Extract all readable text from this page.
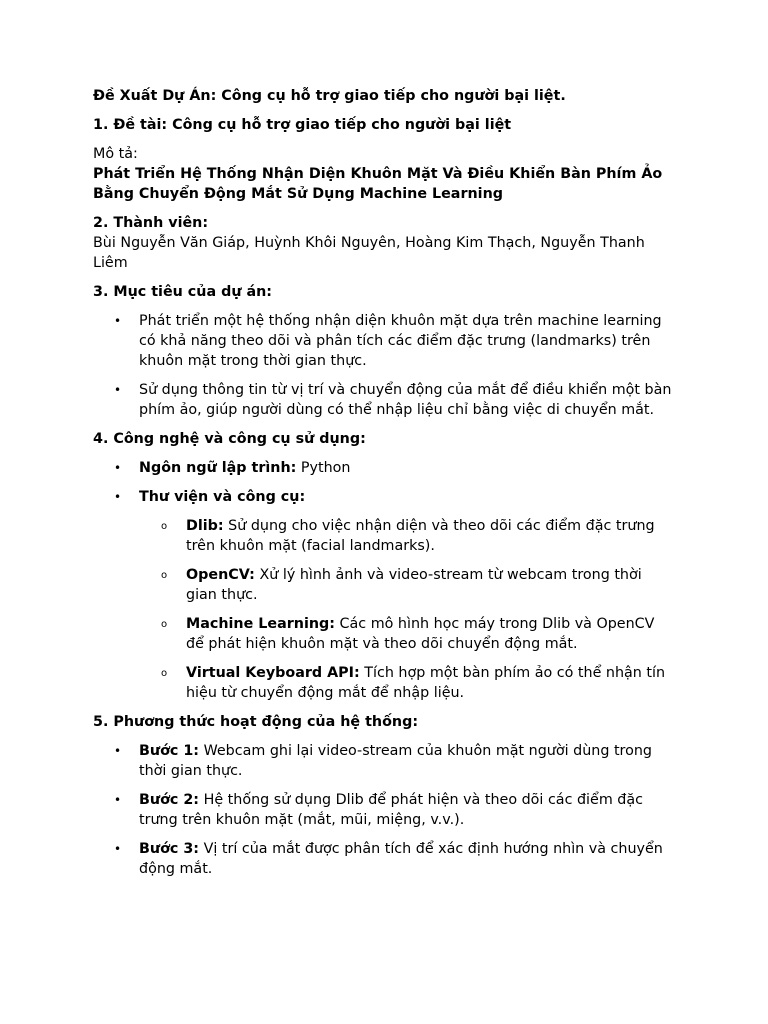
Đề Xuất Dự Án: Công cụ hỗ trợ giao tiếp cho người bại liệt.

1. Đề tài: Công cụ hỗ trợ giao tiếp cho người bại liệt

Mô tả:

Phát Triển Hệ Thống Nhận Diện Khuôn Mặt Và Điều Khiển Bàn Phím Ảo Bằng Chuyển Động Mắt Sử Dụng Machine Learning

2. Thành viên:

Bùi Nguyễn Văn Giáp, Huỳnh Khôi Nguyên, Hoàng Kim Thạch, Nguyễn Thanh Liêm

3. Mục tiêu của dự án:

• Phát triển một hệ thống nhận diện khuôn mặt dựa trên machine learning có khả năng theo dõi và phân tích các điểm đặc trưng (landmarks) trên khuôn mặt trong thời gian thực.
• Sử dụng thông tin từ vị trí và chuyển động của mắt để điều khiển một bàn phím ảo, giúp người dùng có thể nhập liệu chỉ bằng việc di chuyển mắt.

4. Công nghệ và công cụ sử dụng:

• Ngôn ngữ lập trình: Python
• Thư viện và công cụ:
o Dlib: Sử dụng cho việc nhận diện và theo dõi các điểm đặc trưng trên khuôn mặt (facial landmarks).
o OpenCV: Xử lý hình ảnh và video-stream từ webcam trong thời gian thực.
o Machine Learning: Các mô hình học máy trong Dlib và OpenCV để phát hiện khuôn mặt và theo dõi chuyển động mắt.
o Virtual Keyboard API: Tích hợp một bàn phím ảo có thể nhận tín hiệu từ chuyển động mắt để nhập liệu.

5. Phương thức hoạt động của hệ thống:

• Bước 1: Webcam ghi lại video-stream của khuôn mặt người dùng trong thời gian thực.
• Bước 2: Hệ thống sử dụng Dlib để phát hiện và theo dõi các điểm đặc trưng trên khuôn mặt (mắt, mũi, miệng, v.v.).
• Bước 3: Vị trí của mắt được phân tích để xác định hướng nhìn và chuyển động mắt.
